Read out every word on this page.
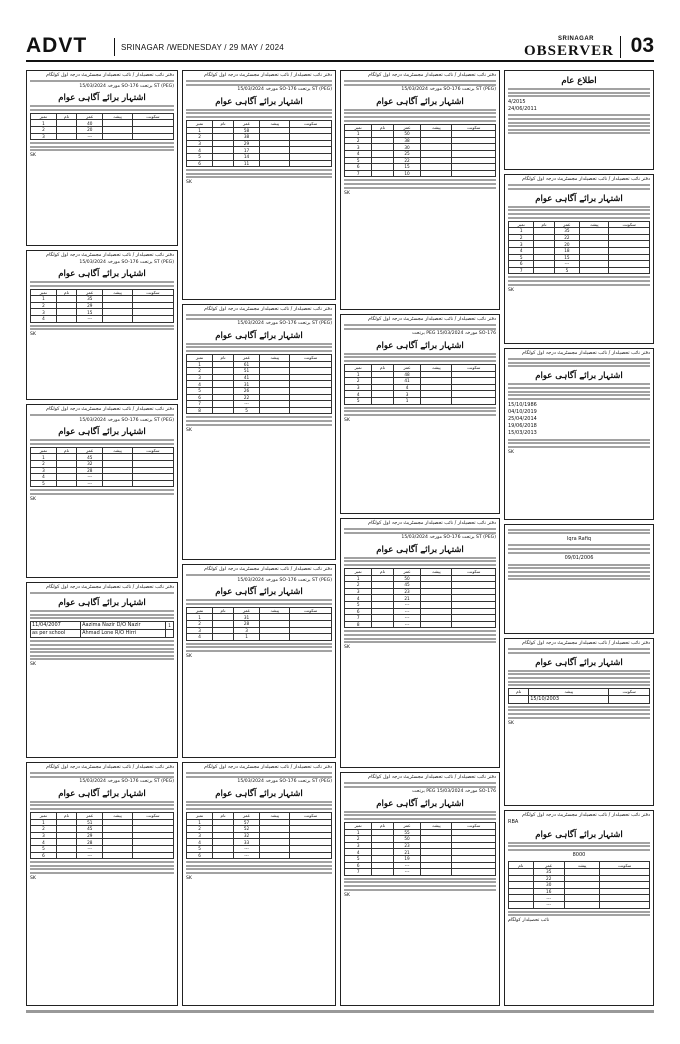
ADVT	SRINAGAR /WEDNESDAY / 29 MAY / 2024
SRINAGAR
OBSERVER 03
اطلاع عام
4/2015
24/06/2011
دفتر نائب تحصیلدار / نائب تحصیلدار مجسٹریٹ درجہ اول کولگام
اشتہار برائے آگاہی عوام
سکونت	پیشہ	عمر	نام	نمبر
		35		1
		22		2
		20		3
		18		4
		15		5
		---		6
		5		7
SK
دفتر نائب تحصیلدار / نائب تحصیلدار مجسٹریٹ درجہ اول کولگام
اشتہار برائے آگاہی عوام
15/10/1986
04/10/2019
25/04/2014
19/06/2018
15/03/2013
SK
Iqra Rafiq
09/01/2006
دفتر نائب تحصیلدار / نائب تحصیلدار مجسٹریٹ درجہ اول کولگام
اشتہار برائے آگاہی عوام
سکونت	پیشہ	نام
	15/10/2003	
SK
دفتر نائب تحصیلدار / نائب تحصیلدار مجسٹریٹ درجہ اول کولگام
RBA
اشتہار برائے آگاہی عوام
8000
سکونت	پیشہ	عمر	نام
		35	
		22	
		30	
		16	
		---	
		---	
نائب تحصیلدار کولگام
دفتر نائب تحصیلدار / نائب تحصیلدار مجسٹریٹ درجہ اول کولگام
ST (PEG) برتحت SO-176 مورخہ 15/03/2024
اشتہار برائے آگاہی عوام
سکونت	پیشہ	عمر	نام	نمبر
		50		1
		38		2
		30		3
		25		4
		22		5
		15		6
		10		7
SK
دفتر نائب تحصیلدار / نائب تحصیلدار مجسٹریٹ درجہ اول کولگام
SO-176 مورخہ 15/03/2024 PEG برتحت
اشتہار برائے آگاہی عوام
سکونت	پیشہ	عمر	نام	نمبر
		48		1
		41		2
		4		3
		3		4
		1		5
SK
دفتر نائب تحصیلدار / نائب تحصیلدار مجسٹریٹ درجہ اول کولگام
ST (PEG) برتحت SO-176 مورخہ 15/03/2024
اشتہار برائے آگاہی عوام
سکونت	پیشہ	عمر	نام	نمبر
		50		1
		45		2
		23		3
		21		4
		---		5
		---		6
		---		7
		---		8
SK
دفتر نائب تحصیلدار / نائب تحصیلدار مجسٹریٹ درجہ اول کولگام
SO-176 مورخہ 15/03/2024 PEG برتحت
اشتہار برائے آگاہی عوام
سکونت	پیشہ	عمر	نام	نمبر
		55		1
		50		2
		23		3
		21		4
		19		5
		---		6
		---		7
SK
دفتر نائب تحصیلدار / نائب تحصیلدار مجسٹریٹ درجہ اول کولگام
ST (PEG) برتحت SO-176 مورخہ 15/03/2024
اشتہار برائے آگاہی عوام
سکونت	پیشہ	عمر	نام	نمبر
		58		1
		38		2
		29		3
		17		4
		14		5
		11		6
SK
دفتر نائب تحصیلدار / نائب تحصیلدار مجسٹریٹ درجہ اول کولگام
ST (PEG) برتحت SO-176 مورخہ 15/03/2024
اشتہار برائے آگاہی عوام
سکونت	پیشہ	عمر	نام	نمبر
		61		1
		51		2
		41		3
		31		4
		26		5
		22		6
		---		7
		5		8
SK
دفتر نائب تحصیلدار / نائب تحصیلدار مجسٹریٹ درجہ اول کولگام
ST (PEG) برتحت SO-176 مورخہ 15/03/2024
اشتہار برائے آگاہی عوام
سکونت	پیشہ	عمر	نام	نمبر
		31		1
		28		2
		3		3
		1		4
SK
دفتر نائب تحصیلدار / نائب تحصیلدار مجسٹریٹ درجہ اول کولگام
ST (PEG) برتحت SO-176 مورخہ 15/03/2024
اشتہار برائے آگاہی عوام
سکونت	پیشہ	عمر	نام	نمبر
		57		1
		52		2
		32		3
		33		4
		---		5
		---		6
SK
دفتر نائب تحصیلدار / نائب تحصیلدار مجسٹریٹ درجہ اول کولگام
ST (PEG) برتحت SO-176 مورخہ 15/03/2024
اشتہار برائے آگاہی عوام
سکونت	پیشہ	عمر	نام	نمبر
		40		1
		20		2
		---		3
SK
دفتر نائب تحصیلدار / نائب تحصیلدار مجسٹریٹ درجہ اول کولگام
ST (PEG) برتحت SO-176 مورخہ 15/03/2024
اشتہار برائے آگاہی عوام
سکونت	پیشہ	عمر	نام	نمبر
		35		1
		29		2
		15		3
		---		4
SK
دفتر نائب تحصیلدار / نائب تحصیلدار مجسٹریٹ درجہ اول کولگام
ST (PEG) برتحت SO-176 مورخہ 15/03/2024
اشتہار برائے آگاہی عوام
سکونت	پیشہ	عمر	نام	نمبر
		45		1
		32		2
		28		3
		---		4
		---		5
SK
دفتر نائب تحصیلدار / نائب تحصیلدار مجسٹریٹ درجہ اول کولگام
اشتہار برائے آگاہی عوام
11/04/2007	Aazima Nazir D/O Nazir	1
as per school	Ahmad Lone R/O Hirri	
SK
دفتر نائب تحصیلدار / نائب تحصیلدار مجسٹریٹ درجہ اول کولگام
ST (PEG) برتحت SO-176 مورخہ 15/03/2024
اشتہار برائے آگاہی عوام
سکونت	پیشہ	عمر	نام	نمبر
		51		1
		45		2
		29		3
		28		4
		---		5
		---		6
SK
